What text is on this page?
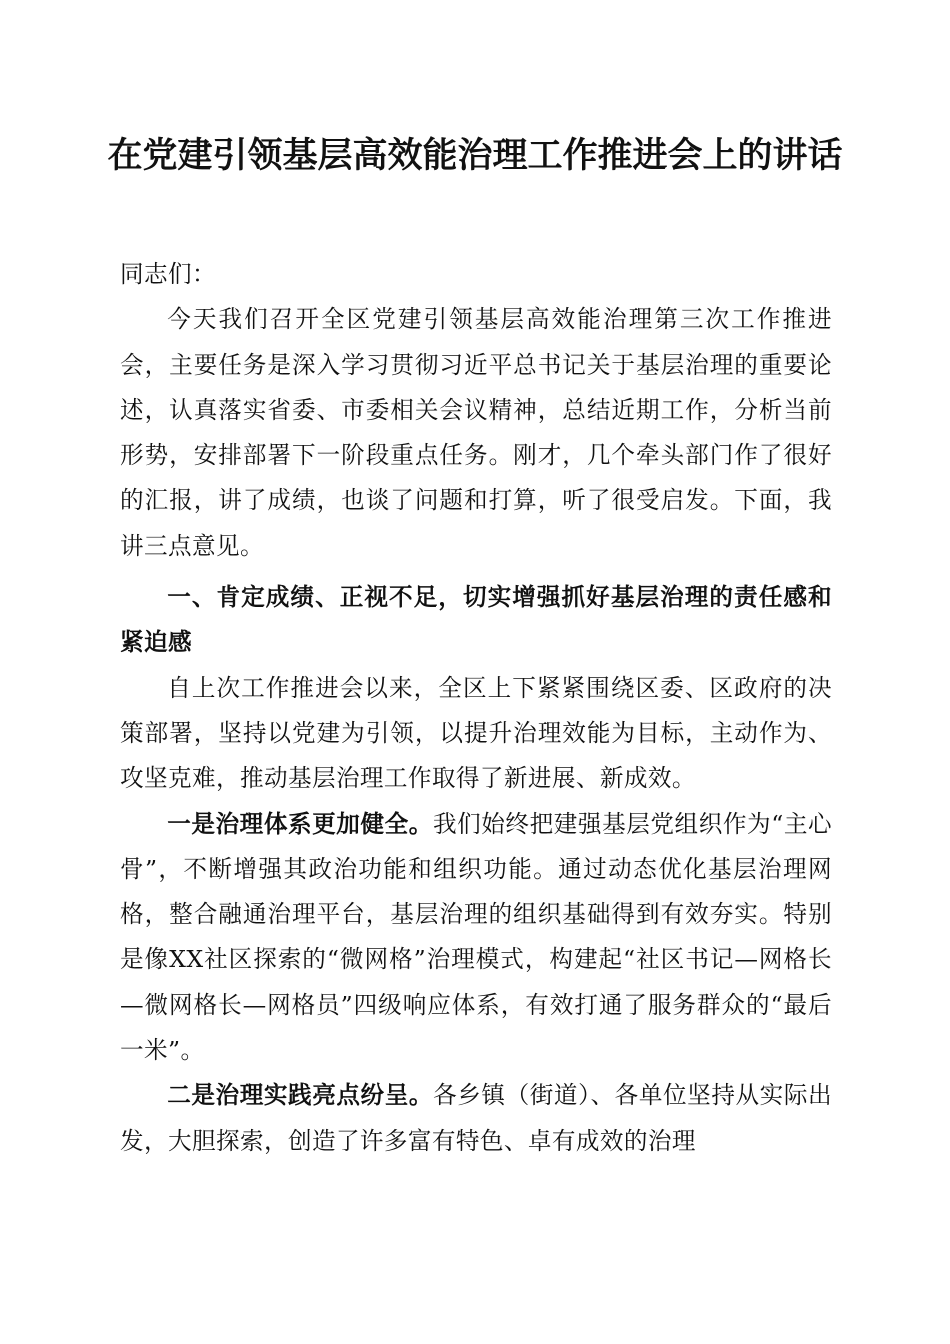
在党建引领基层高效能治理工作推进会上的讲话

同志们：

今天我们召开全区党建引领基层高效能治理第三次工作推进会，主要任务是深入学习贯彻习近平总书记关于基层治理的重要论述，认真落实省委、市委相关会议精神，总结近期工作，分析当前形势，安排部署下一阶段重点任务。刚才，几个牵头部门作了很好的汇报，讲了成绩，也谈了问题和打算，听了很受启发。下面，我讲三点意见。

一、肯定成绩、正视不足，切实增强抓好基层治理的责任感和紧迫感

自上次工作推进会以来，全区上下紧紧围绕区委、区政府的决策部署，坚持以党建为引领，以提升治理效能为目标，主动作为、攻坚克难，推动基层治理工作取得了新进展、新成效。

一是治理体系更加健全。我们始终把建强基层党组织作为“主心骨”，不断增强其政治功能和组织功能。通过动态优化基层治理网格，整合融通治理平台，基层治理的组织基础得到有效夯实。特别是像XX社区探索的“微网格”治理模式，构建起“社区书记—网格长—微网格长—网格员”四级响应体系，有效打通了服务群众的“最后一米”。

二是治理实践亮点纷呈。各乡镇（街道）、各单位坚持从实际出发，大胆探索，创造了许多富有特色、卓有成效的治理
